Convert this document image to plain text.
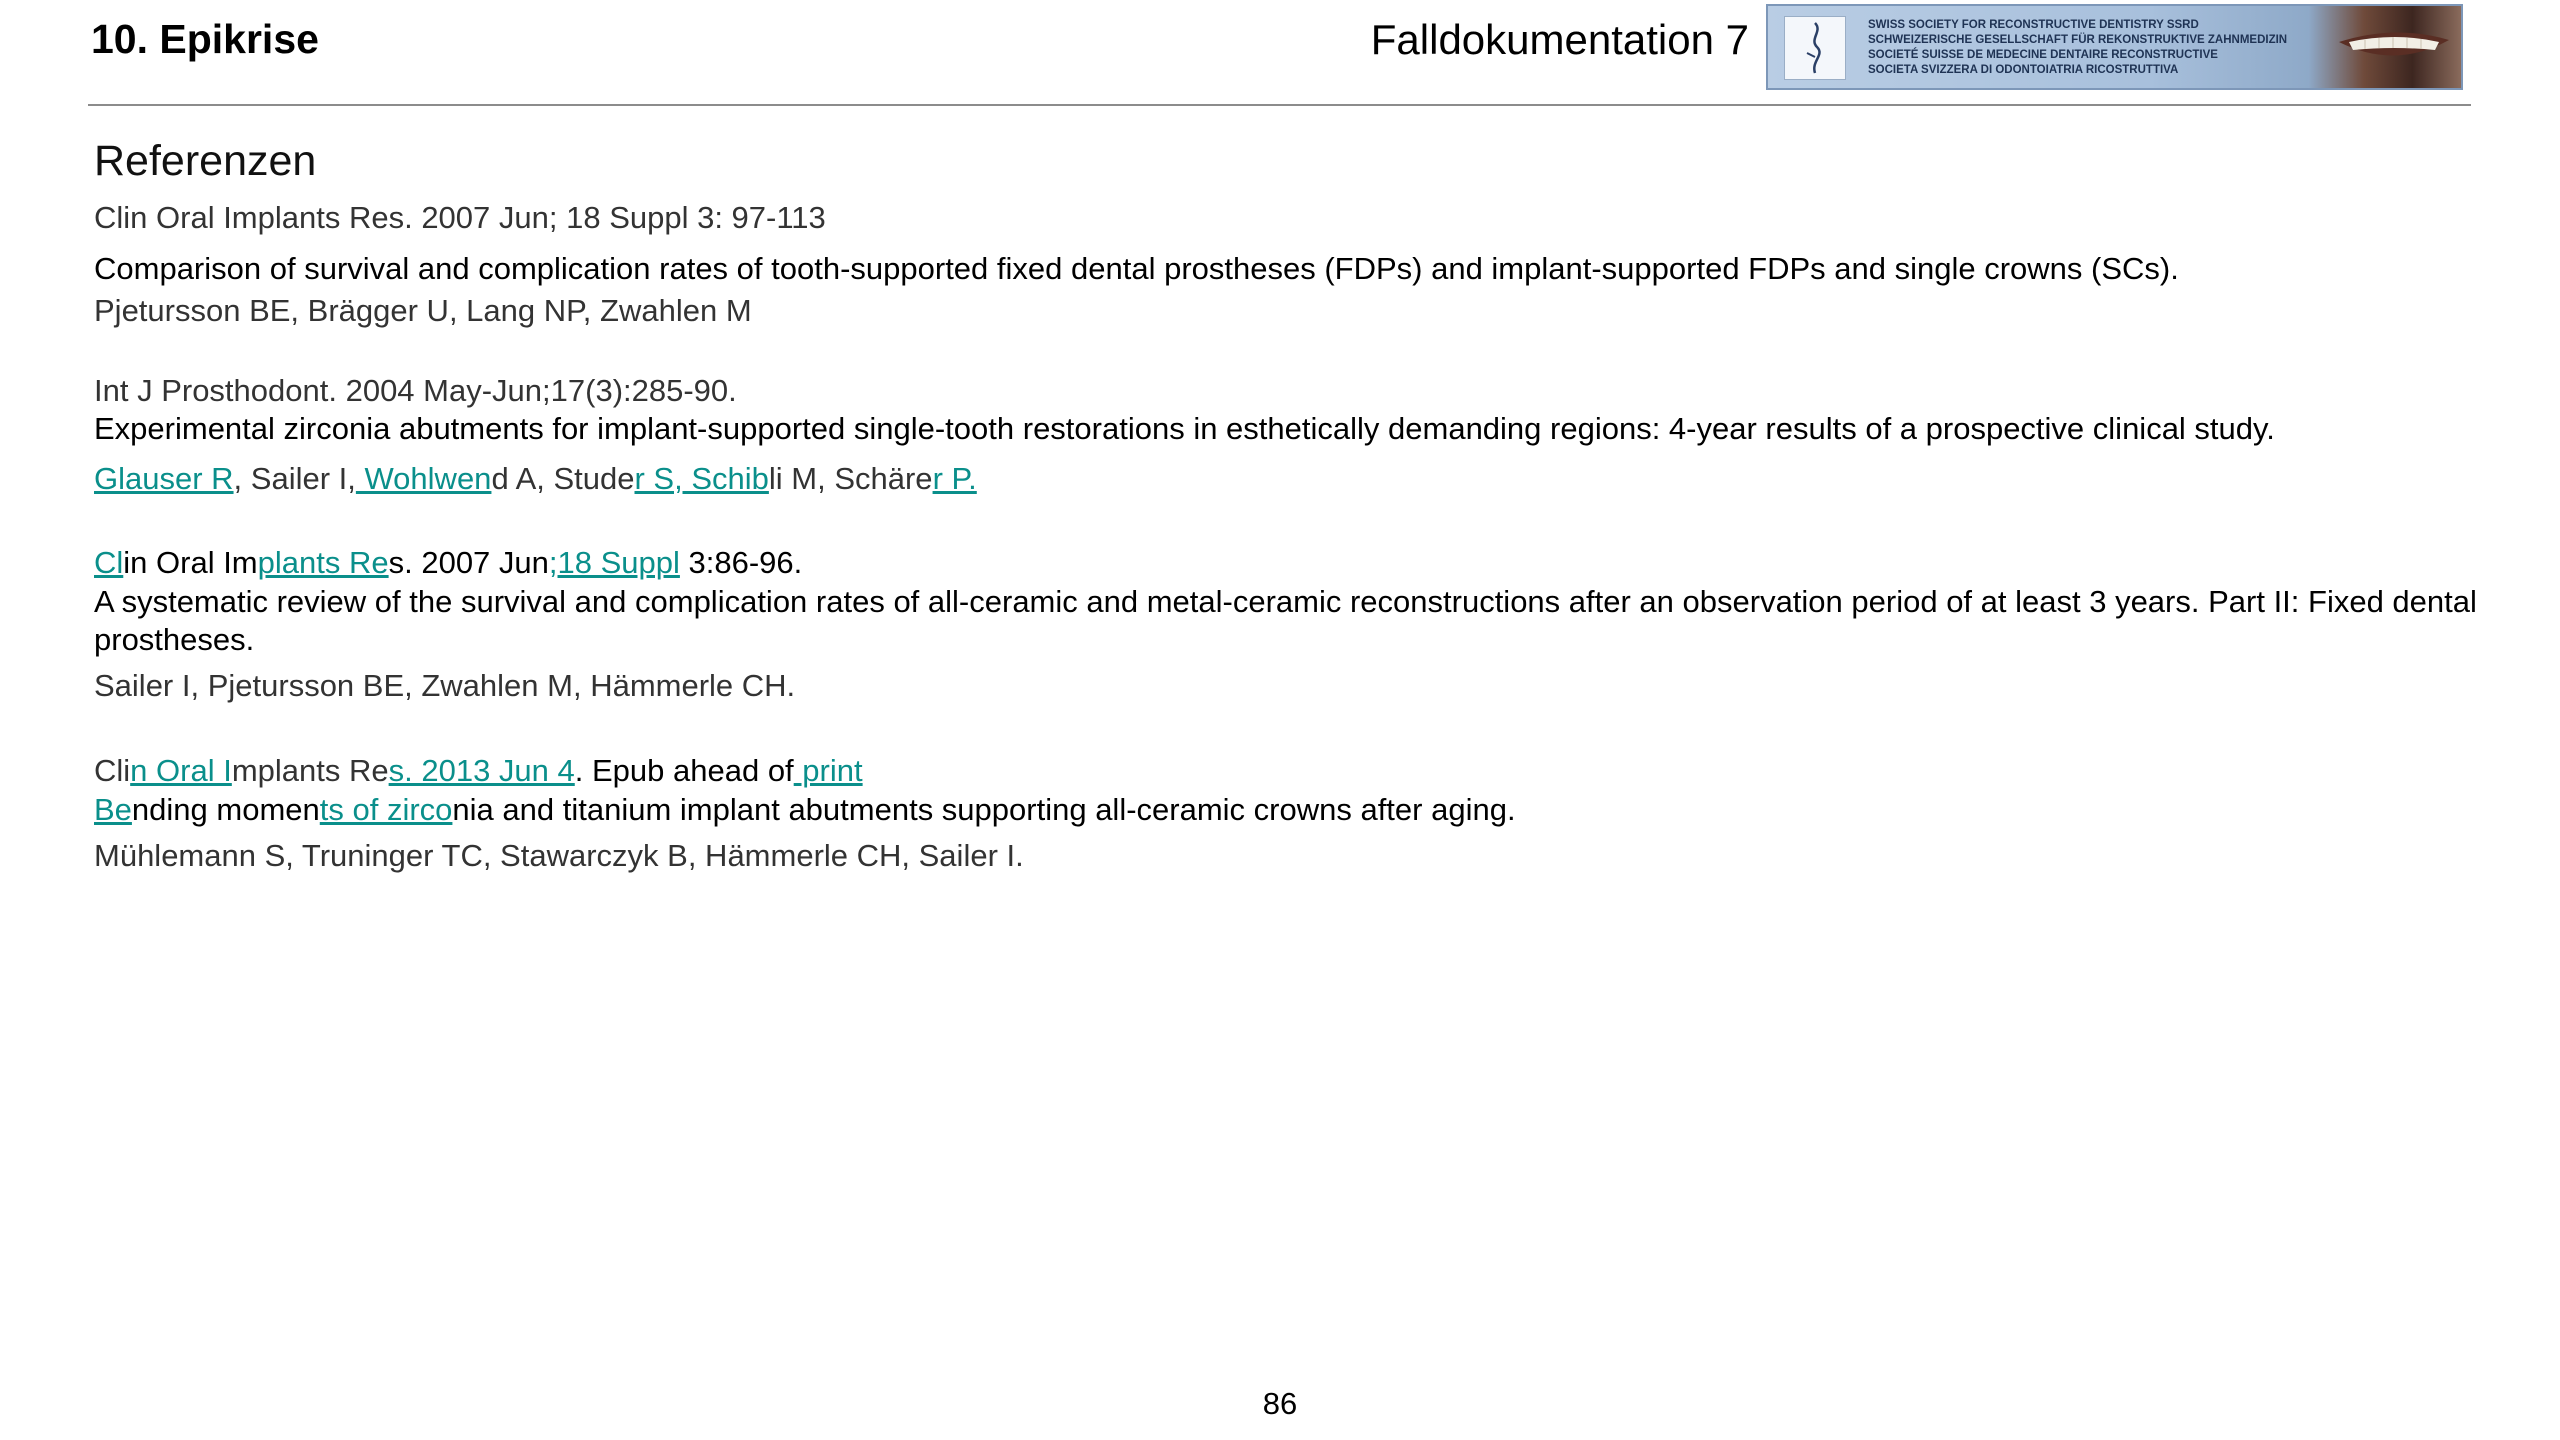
10. Epikrise	Falldokumentation 7	SWISS SOCIETY FOR RECONSTRUCTIVE DENTISTRY SSRD
SCHWEIZERISCHE GESELLSCHAFT FÜR REKONSTRUKTIVE ZAHNMEDIZIN
SOCIETÉ SUISSE DE MEDECINE DENTAIRE RECONSTRUCTIVE
SOCIETA SVIZZERA DI ODONTOIATRIA RICOSTRUTTIVA
Referenzen
Clin Oral Implants Res. 2007 Jun; 18 Suppl 3: 97-113
Comparison of survival and complication rates of tooth-supported fixed dental prostheses (FDPs) and implant-supported FDPs and single crowns (SCs).
Pjetursson BE, Brägger U, Lang NP, Zwahlen M
Int J Prosthodont. 2004 May-Jun;17(3):285-90.
Experimental zirconia abutments for implant-supported single-tooth restorations in esthetically demanding regions: 4-year results of a prospective clinical study.
Glauser R, Sailer I, Wohlwend A, Studer S, Schibli M, Schärer P.
Clin Oral Implants Res. 2007 Jun;18 Suppl 3:86-96.
A systematic review of the survival and complication rates of all-ceramic and metal-ceramic reconstructions after an observation period of at least 3 years. Part II: Fixed dental prostheses.
Sailer I, Pjetursson BE, Zwahlen M, Hämmerle CH.
Clin Oral Implants Res. 2013 Jun 4. Epub ahead of print
Bending moments of zirconia and titanium implant abutments supporting all-ceramic crowns after aging.
Mühlemann S, Truninger TC, Stawarczyk B, Hämmerle CH, Sailer I.
86
